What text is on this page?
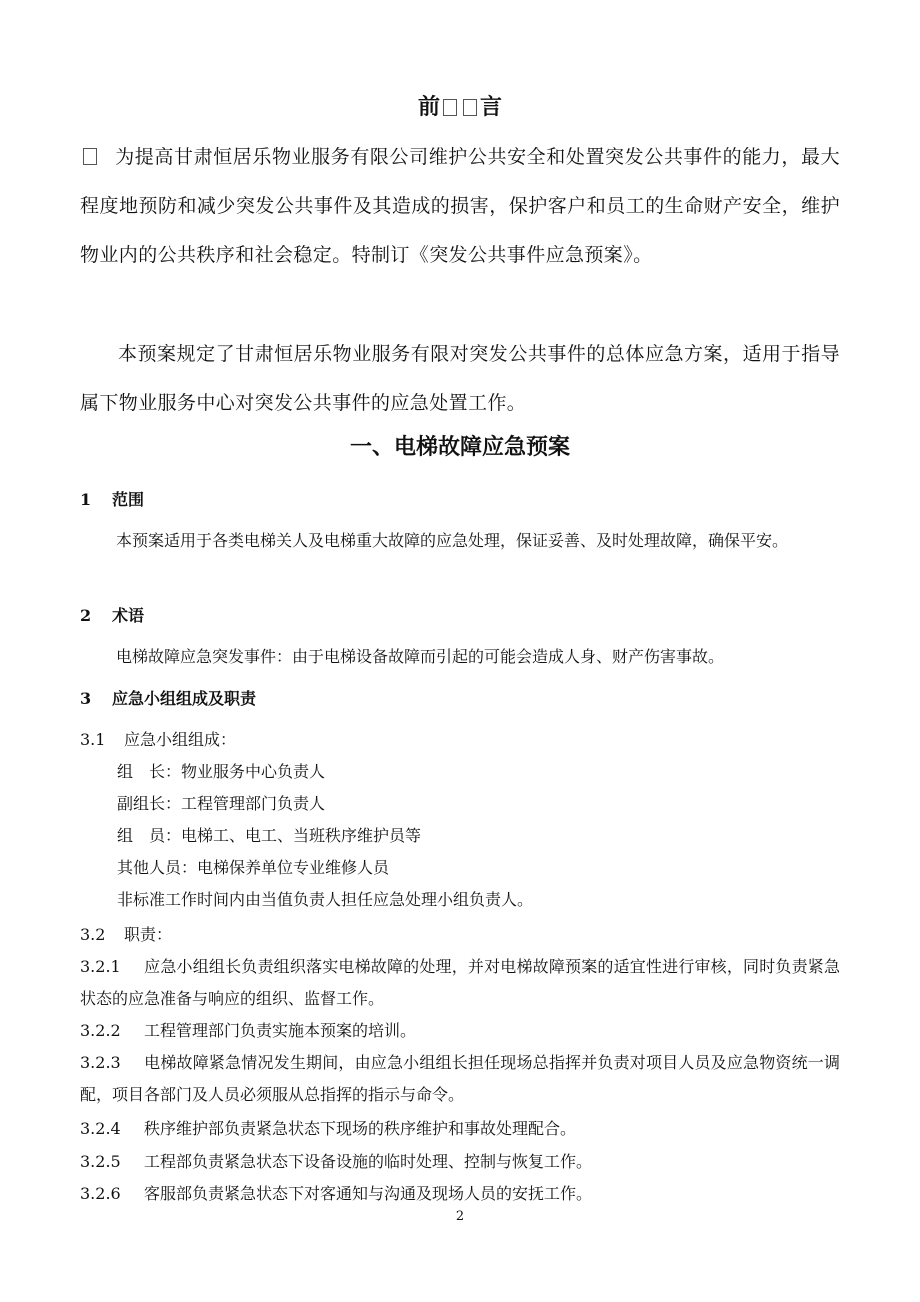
前 言
为提高甘肃恒居乐物业服务有限公司维护公共安全和处置突发公共事件的能力，最大程度地预防和减少突发公共事件及其造成的损害，保护客户和员工的生命财产安全，维护物业内的公共秩序和社会稳定。特制订《突发公共事件应急预案》。
本预案规定了甘肃恒居乐物业服务有限对突发公共事件的总体应急方案，适用于指导属下物业服务中心对突发公共事件的应急处置工作。
一、电梯故障应急预案
1 范围
本预案适用于各类电梯关人及电梯重大故障的应急处理，保证妥善、及时处理故障，确保平安。
2 术语
电梯故障应急突发事件：由于电梯设备故障而引起的可能会造成人身、财产伤害事故。
3 应急小组组成及职责
3.1 应急小组组成：
组　长：物业服务中心负责人
副组长：工程管理部门负责人
组　员：电梯工、电工、当班秩序维护员等
其他人员：电梯保养单位专业维修人员
非标准工作时间内由当值负责人担任应急处理小组负责人。
3.2 职责：
3.2.1 应急小组组长负责组织落实电梯故障的处理，并对电梯故障预案的适宜性进行审核，同时负责紧急状态的应急准备与响应的组织、监督工作。
3.2.2 工程管理部门负责实施本预案的培训。
3.2.3 电梯故障紧急情况发生期间，由应急小组组长担任现场总指挥并负责对项目人员及应急物资统一调配，项目各部门及人员必须服从总指挥的指示与命令。
3.2.4 秩序维护部负责紧急状态下现场的秩序维护和事故处理配合。
3.2.5 工程部负责紧急状态下设备设施的临时处理、控制与恢复工作。
3.2.6 客服部负责紧急状态下对客通知与沟通及现场人员的安抚工作。
2
